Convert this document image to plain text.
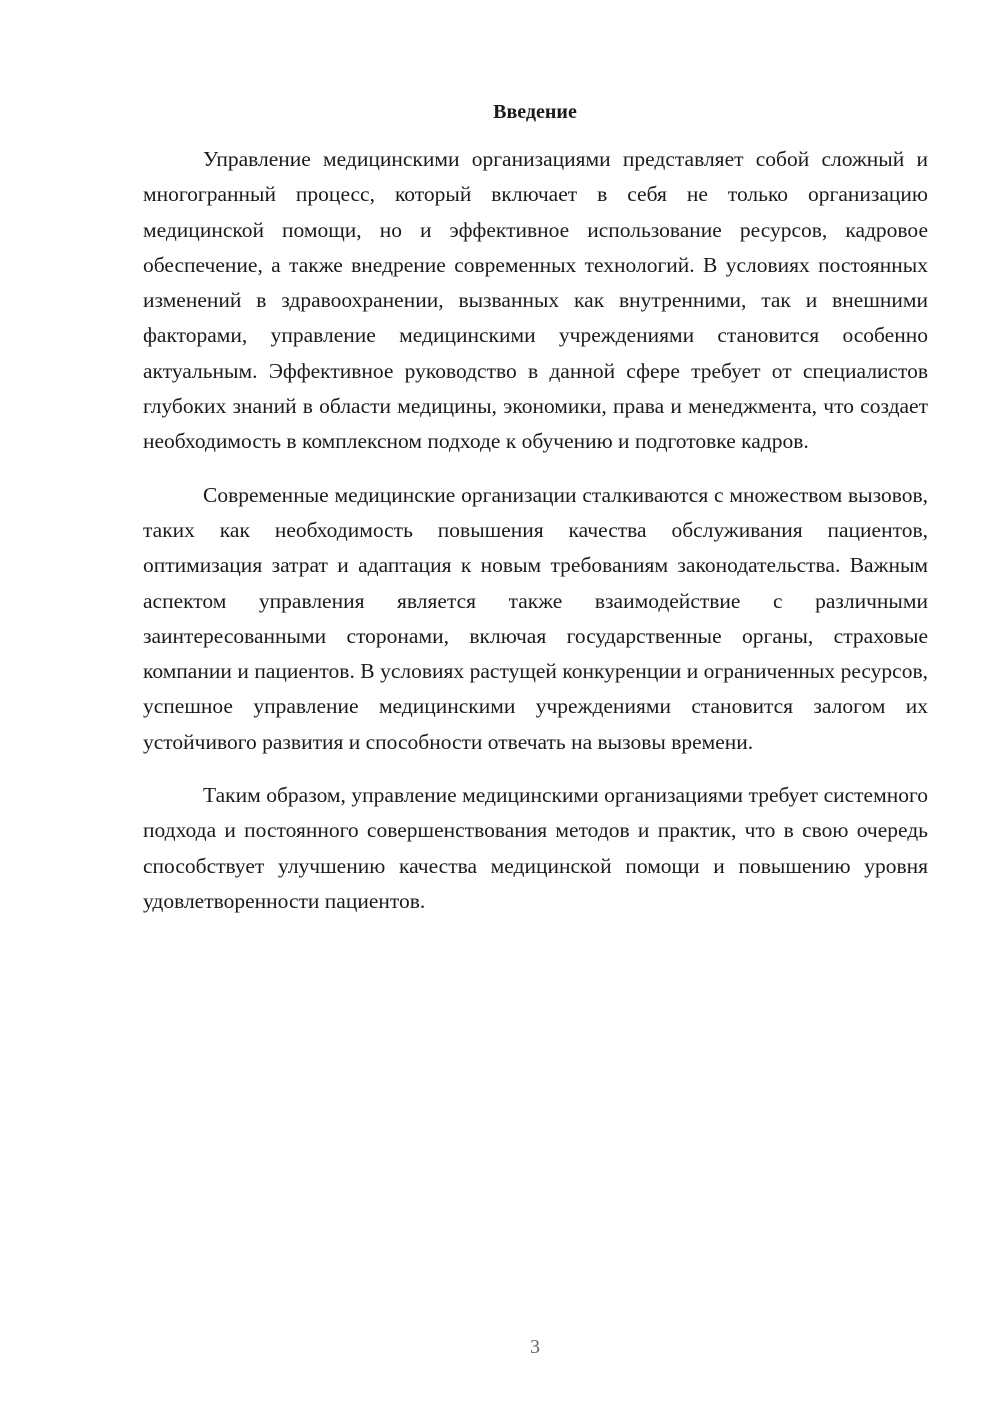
Введение

Управление медицинскими организациями представляет собой сложный и многогранный процесс, который включает в себя не только организацию медицинской помощи, но и эффективное использование ресурсов, кадровое обеспечение, а также внедрение современных технологий. В условиях постоянных изменений в здравоохранении, вызванных как внутренними, так и внешними факторами, управление медицинскими учреждениями становится особенно актуальным. Эффективное руководство в данной сфере требует от специалистов глубоких знаний в области медицины, экономики, права и менеджмента, что создает необходимость в комплексном подходе к обучению и подготовке кадров.

Современные медицинские организации сталкиваются с множеством вызовов, таких как необходимость повышения качества обслуживания пациентов, оптимизация затрат и адаптация к новым требованиям законодательства. Важным аспектом управления является также взаимодействие с различными заинтересованными сторонами, включая государственные органы, страховые компании и пациентов. В условиях растущей конкуренции и ограниченных ресурсов, успешное управление медицинскими учреждениями становится залогом их устойчивого развития и способности отвечать на вызовы времени.

Таким образом, управление медицинскими организациями требует системного подхода и постоянного совершенствования методов и практик, что в свою очередь способствует улучшению качества медицинской помощи и повышению уровня удовлетворенности пациентов.

3
